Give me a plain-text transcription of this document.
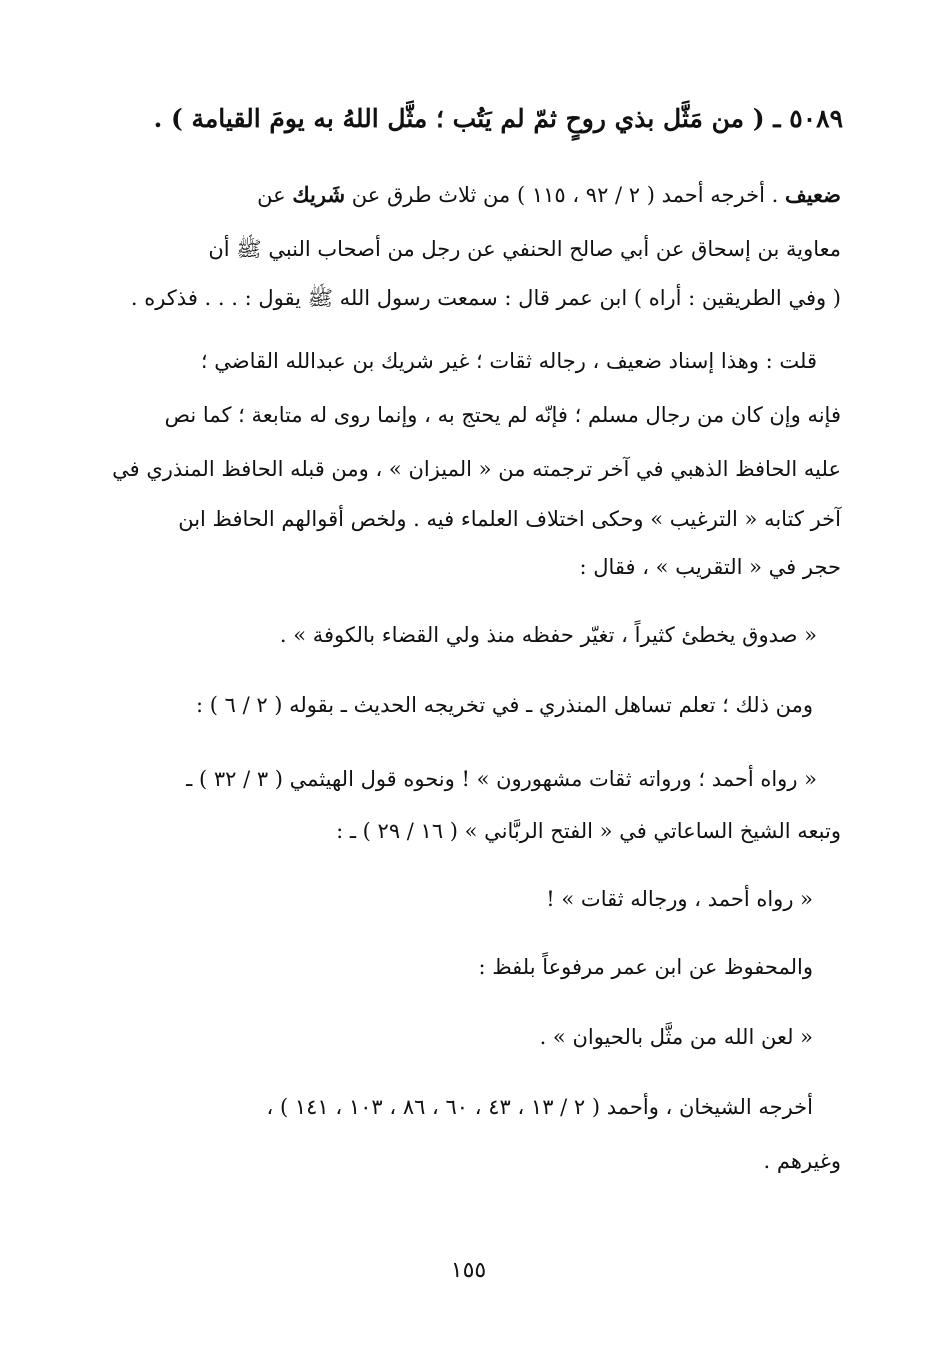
٥٠٨٩ ـ ( من مَثَّل بذي روحٍ ثمّ لم يَتُب ؛ مثَّل اللهُ به يومَ القيامة ) .
ضعيف . أخرجه أحمد ( ٢ / ٩٢ ، ١١٥ ) من ثلاث طرق عن شَريك عن
معاوية بن إسحاق عن أبي صالح الحنفي عن رجل من أصحاب النبي ﷺ أن
( وفي الطريقين : أراه ) ابن عمر قال : سمعت رسول الله ﷺ يقول : . . . فذكره .
قلت : وهذا إسناد ضعيف ، رجاله ثقات ؛ غير شريك بن عبدالله القاضي ؛
فإنه وإن كان من رجال مسلم ؛ فإنّه لم يحتج به ، وإنما روى له متابعة ؛ كما نص
عليه الحافظ الذهبي في آخر ترجمته من « الميزان » ، ومن قبله الحافظ المنذري في
آخر كتابه « الترغيب » وحكى اختلاف العلماء فيه . ولخص أقوالهم الحافظ ابن
حجر في « التقريب » ، فقال :
« صدوق يخطئ كثيراً ، تغيّر حفظه منذ ولي القضاء بالكوفة » .
ومن ذلك ؛ تعلم تساهل المنذري ـ في تخريجه الحديث ـ بقوله ( ٢ / ٦ ) :
« رواه أحمد ؛ ورواته ثقات مشهورون » ! ونحوه قول الهيثمي ( ٣ / ٣٢ ) ـ
وتبعه الشيخ الساعاتي في « الفتح الربَّاني » ( ١٦ / ٢٩ ) ـ :
« رواه أحمد ، ورجاله ثقات » !
والمحفوظ عن ابن عمر مرفوعاً بلفظ :
« لعن الله من مثَّل بالحيوان » .
أخرجه الشيخان ، وأحمد ( ٢ / ١٣ ، ٤٣ ، ٦٠ ، ٨٦ ، ١٠٣ ، ١٤١ ) ،
وغيرهم .
١٥٥
